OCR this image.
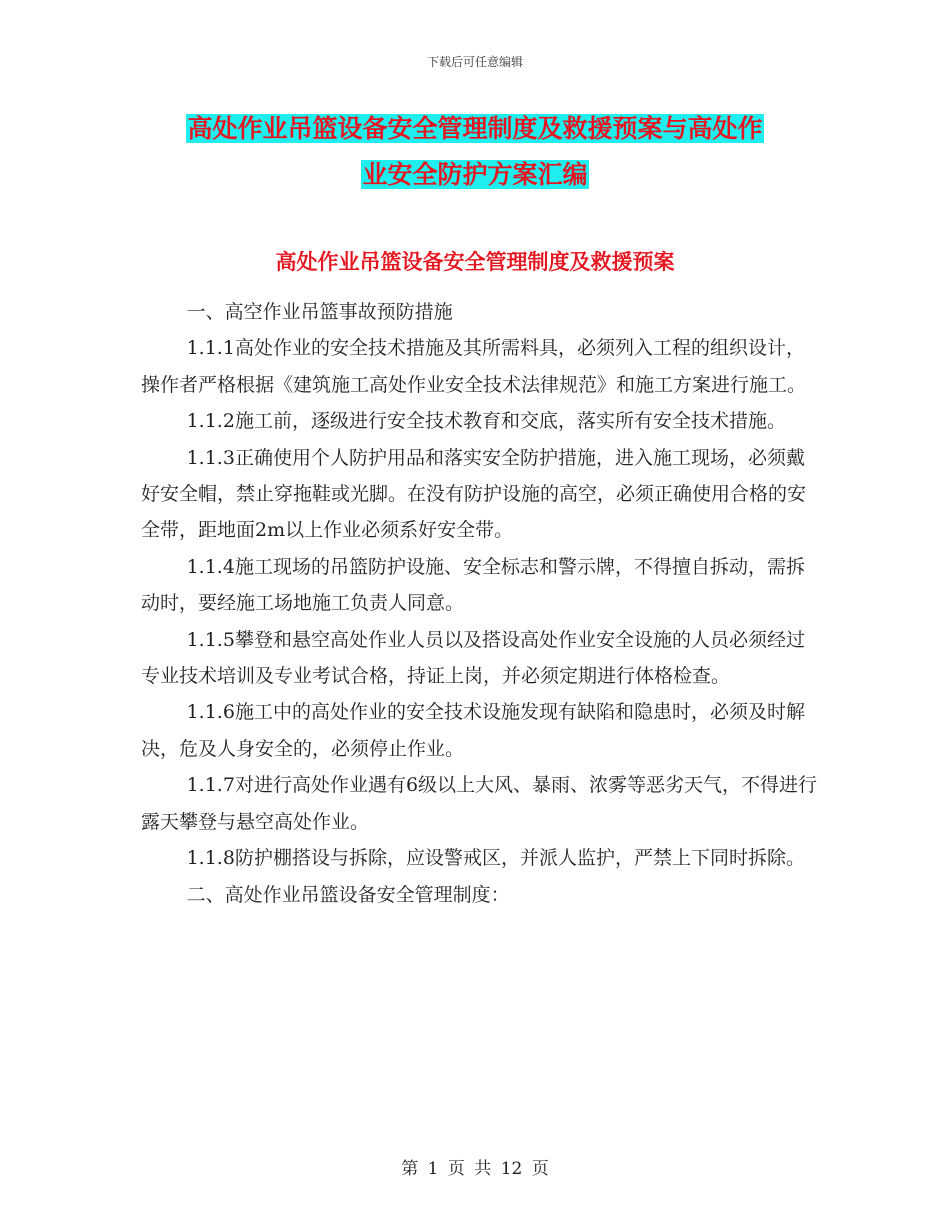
下载后可任意编辑
高处作业吊篮设备安全管理制度及救援预案与高处作
业安全防护方案汇编
高处作业吊篮设备安全管理制度及救援预案

一、高空作业吊篮事故预防措施

1.1.1高处作业的安全技术措施及其所需料具，必须列入工程的组织设计，操作者严格根据《建筑施工高处作业安全技术法律规范》和施工方案进行施工。

1.1.2施工前，逐级进行安全技术教育和交底，落实所有安全技术措施。

1.1.3正确使用个人防护用品和落实安全防护措施，进入施工现场，必须戴好安全帽，禁止穿拖鞋或光脚。在没有防护设施的高空，必须正确使用合格的安全带，距地面2m以上作业必须系好安全带。

1.1.4施工现场的吊篮防护设施、安全标志和警示牌，不得擅自拆动，需拆动时，要经施工场地施工负责人同意。

1.1.5攀登和悬空高处作业人员以及搭设高处作业安全设施的人员必须经过专业技术培训及专业考试合格，持证上岗，并必须定期进行体格检查。

1.1.6施工中的高处作业的安全技术设施发现有缺陷和隐患时，必须及时解决，危及人身安全的，必须停止作业。

1.1.7对进行高处作业遇有6级以上大风、暴雨、浓雾等恶劣天气，不得进行露天攀登与悬空高处作业。

1.1.8防护棚搭设与拆除，应设警戒区，并派人监护，严禁上下同时拆除。

二、高处作业吊篮设备安全管理制度：

第 1 页 共 12 页
